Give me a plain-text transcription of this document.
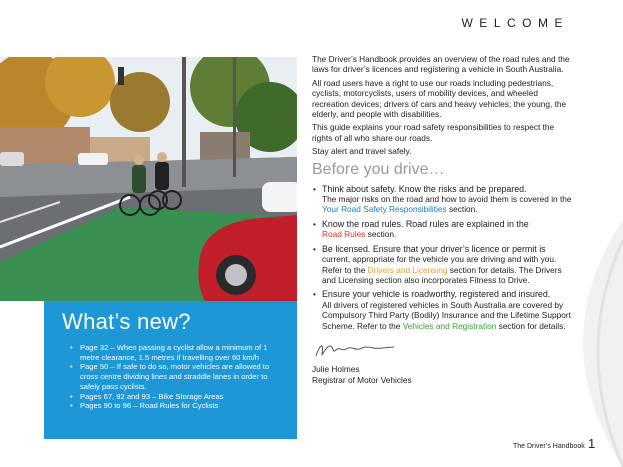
WELCOME
What’s new?
• Page 32 – When passing a cyclist allow a minimum of 1 metre clearance, 1.5 metres if travelling over 60 km/h
• Page 50 – If safe to do so, motor vehicles are allowed to cross centre dividing lines and straddle lanes in order to safely pass cyclists.
• Pages 67, 92 and 93 – Bike Storage Areas
• Pages 90 to 96 – Road Rules for Cyclists

The Driver’s Handbook provides an overview of the road rules and the laws for driver’s licences and registering a vehicle in South Australia.

All road users have a right to use our roads including pedestrians, cyclists, motorcyclists, users of mobility devices, and wheeled recreation devices; drivers of cars and heavy vehicles; the young, the elderly, and people with disabilities.

This guide explains your road safety responsibilities to respect the rights of all who share our roads.

Stay alert and travel safely.

Before you drive…
• Think about safety. Know the risks and be prepared.
The major risks on the road and how to avoid them is covered in the Your Road Safety Responsibilities section.
• Know the road rules. Road rules are explained in the
Road Rules section.
• Be licensed. Ensure that your driver’s licence or permit is
current, appropriate for the vehicle you are driving and with you. Refer to the Drivers and Licensing section for details. The Drivers and Licensing section also incorporates Fitness to Drive.
• Ensure your vehicle is roadworthy, registered and insured.
All drivers of registered vehicles in South Australia are covered by Compulsory Third Party (Bodily) Insurance and the Lifetime Support Scheme. Refer to the Vehicles and Registration section for details.
Julie Holmes
Registrar of Motor Vehicles
The Driver’s Handbook 1
